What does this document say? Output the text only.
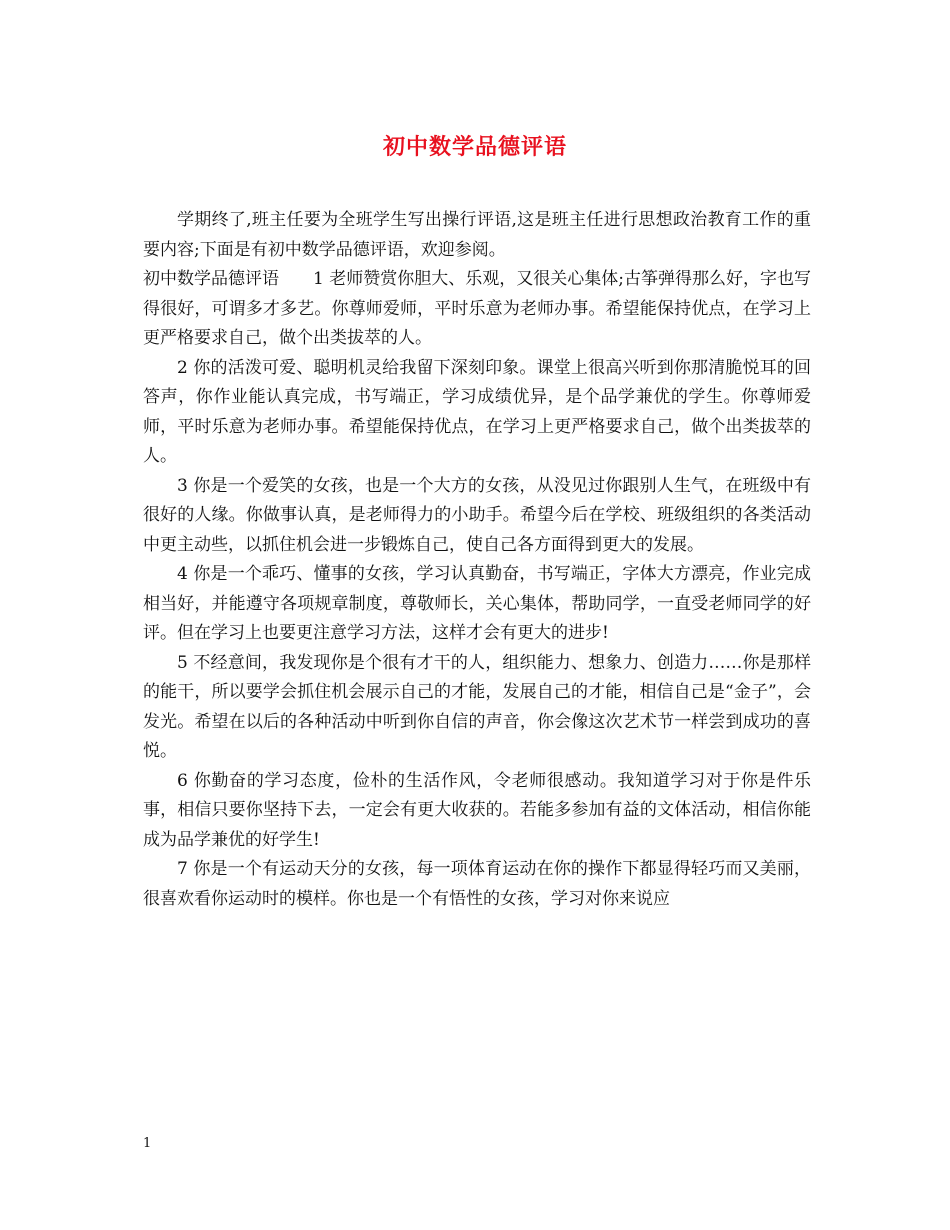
初中数学品德评语

学期终了,班主任要为全班学生写出操行评语,这是班主任进行思想政治教育工作的重要内容;下面是有初中数学品德评语，欢迎参阅。

初中数学品德评语　　1 老师赞赏你胆大、乐观，又很关心集体;古筝弹得那么好，字也写得很好，可谓多才多艺。你尊师爱师，平时乐意为老师办事。希望能保持优点，在学习上更严格要求自己，做个出类拔萃的人。

2 你的活泼可爱、聪明机灵给我留下深刻印象。课堂上很高兴听到你那清脆悦耳的回答声，你作业能认真完成，书写端正，学习成绩优异，是个品学兼优的学生。你尊师爱师，平时乐意为老师办事。希望能保持优点，在学习上更严格要求自己，做个出类拔萃的人。

3 你是一个爱笑的女孩，也是一个大方的女孩，从没见过你跟别人生气，在班级中有很好的人缘。你做事认真，是老师得力的小助手。希望今后在学校、班级组织的各类活动中更主动些，以抓住机会进一步锻炼自己，使自己各方面得到更大的发展。

4 你是一个乖巧、懂事的女孩，学习认真勤奋，书写端正，字体大方漂亮，作业完成相当好，并能遵守各项规章制度，尊敬师长，关心集体，帮助同学，一直受老师同学的好评。但在学习上也要更注意学习方法，这样才会有更大的进步!

5 不经意间，我发现你是个很有才干的人，组织能力、想象力、创造力……你是那样的能干，所以要学会抓住机会展示自己的才能，发展自己的才能，相信自己是“金子”，会发光。希望在以后的各种活动中听到你自信的声音，你会像这次艺术节一样尝到成功的喜悦。

6 你勤奋的学习态度，俭朴的生活作风，令老师很感动。我知道学习对于你是件乐事，相信只要你坚持下去，一定会有更大收获的。若能多参加有益的文体活动，相信你能成为品学兼优的好学生!

7 你是一个有运动天分的女孩，每一项体育运动在你的操作下都显得轻巧而又美丽，很喜欢看你运动时的模样。你也是一个有悟性的女孩，学习对你来说应

1
